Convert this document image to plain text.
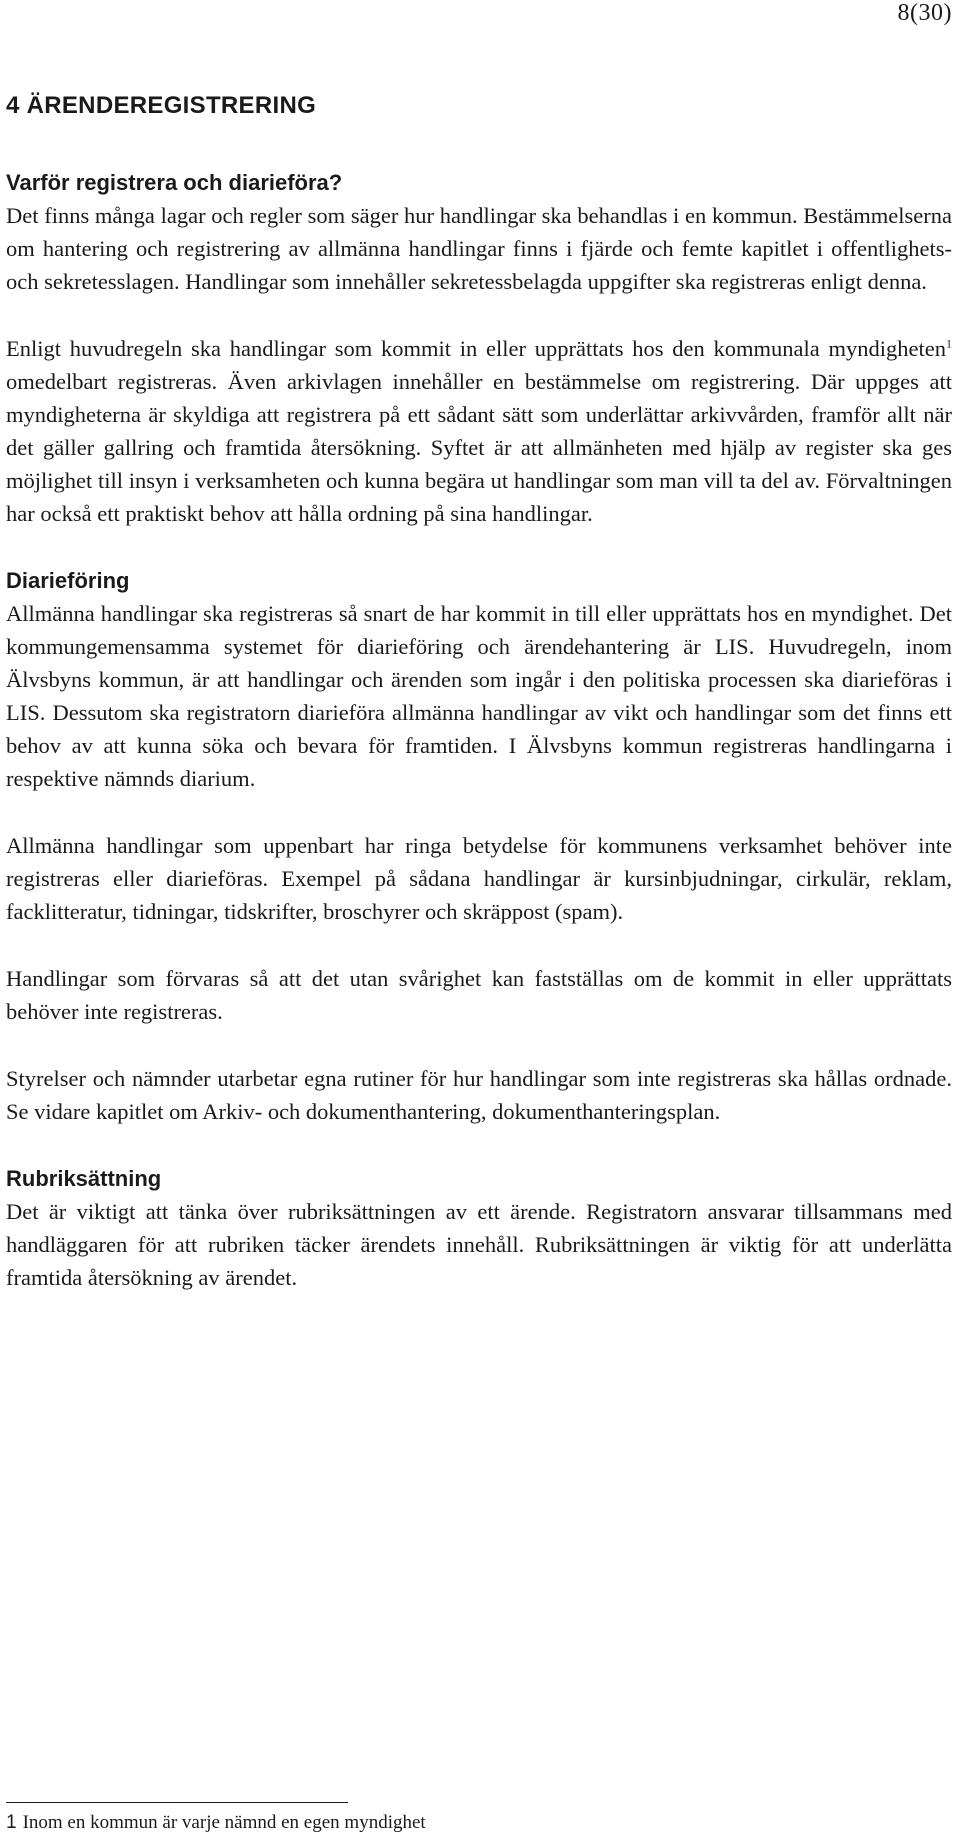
8(30)
4 ÄRENDEREGISTRERING
Varför registrera och diarieföra?

Det finns många lagar och regler som säger hur handlingar ska behandlas i en kommun. Bestämmelserna om hantering och registrering av allmänna handlingar finns i fjärde och femte kapitlet i offentlighets- och sekretesslagen. Handlingar som innehåller sekretessbelagda uppgifter ska registreras enligt denna.

Enligt huvudregeln ska handlingar som kommit in eller upprättats hos den kommunala myndigheten$^1$ omedelbart registreras. Även arkivlagen innehåller en bestämmelse om registrering. Där uppges att myndigheterna är skyldiga att registrera på ett sådant sätt som underlättar arkivvården, framför allt när det gäller gallring och framtida återsökning. Syftet är att allmänheten med hjälp av register ska ges möjlighet till insyn i verksamheten och kunna begära ut handlingar som man vill ta del av. Förvaltningen har också ett praktiskt behov att hålla ordning på sina handlingar.

Diarieföring

Allmänna handlingar ska registreras så snart de har kommit in till eller upprättats hos en myndighet. Det kommungemensamma systemet för diarieföring och ärendehantering är LIS. Huvudregeln, inom Älvsbyns kommun, är att handlingar och ärenden som ingår i den politiska processen ska diarieföras i LIS. Dessutom ska registratorn diarieföra allmänna handlingar av vikt och handlingar som det finns ett behov av att kunna söka och bevara för framtiden. I Älvsbyns kommun registreras handlingarna i respektive nämnds diarium.

Allmänna handlingar som uppenbart har ringa betydelse för kommunens verksamhet behöver inte registreras eller diarieföras. Exempel på sådana handlingar är kursinbjudningar, cirkulär, reklam, facklitteratur, tidningar, tidskrifter, broschyrer och skräppost (spam).

Handlingar som förvaras så att det utan svårighet kan fastställas om de kommit in eller upprättats behöver inte registreras.

Styrelser och nämnder utarbetar egna rutiner för hur handlingar som inte registreras ska hållas ordnade. Se vidare kapitlet om Arkiv- och dokumenthantering, dokumenthanteringsplan.

Rubriksättning

Det är viktigt att tänka över rubriksättningen av ett ärende. Registratorn ansvarar tillsammans med handläggaren för att rubriken täcker ärendets innehåll. Rubriksättningen är viktig för att underlätta framtida återsökning av ärendet.

1 Inom en kommun är varje nämnd en egen myndighet
